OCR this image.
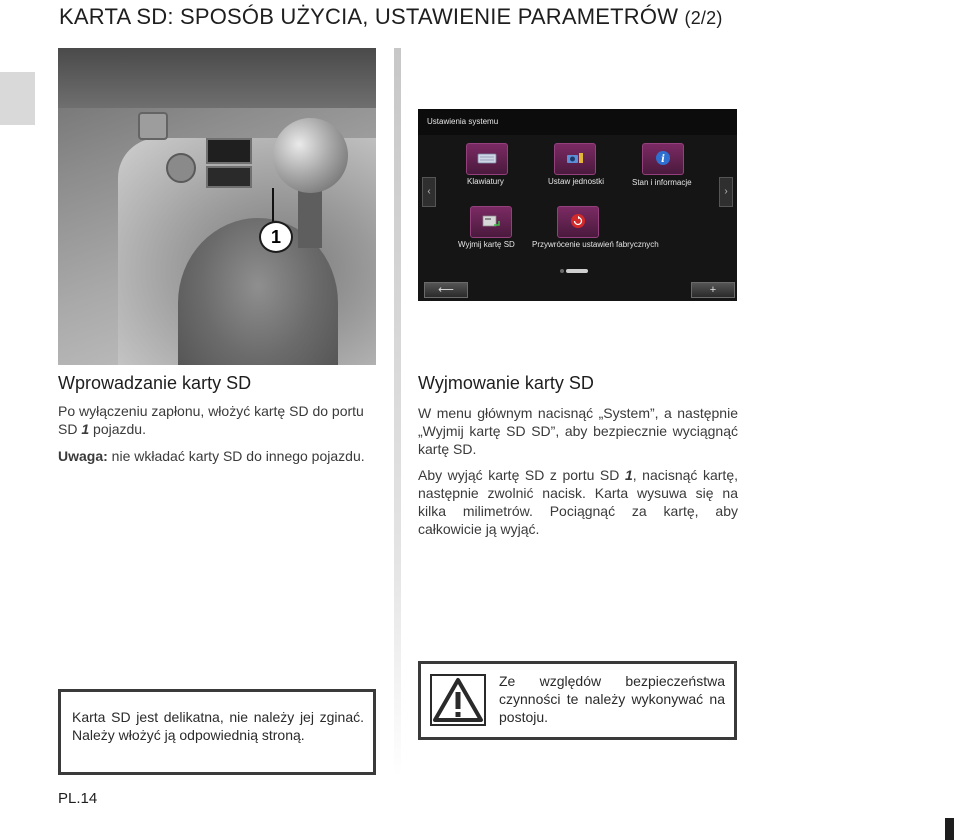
KARTA SD: SPOSÓB UŻYCIA, USTAWIENIE PARAMETRÓW (2/2)
1
Ustawienia systemu
‹	›
Klawiatury	Ustaw jednostki
i
Stan i informacje
Wyjmij kartę SD Przywrócenie ustawień fabrycznych
⟵	+
Wprowadzanie karty SD

Po wyłączeniu zapłonu, włożyć kartę SD do portu SD 1 pojazdu.

Uwaga: nie wkładać karty SD do innego pojazdu.

Karta SD jest delikatna, nie należy jej zginać. Należy włożyć ją odpowiednią stroną.

Wyjmowanie karty SD

W menu głównym nacisnąć „System”, a następnie „Wyjmij kartę SD SD”, aby bezpiecznie wyciągnąć kartę SD.

Aby wyjąć kartę SD z portu SD 1, nacisnąć kartę, następnie zwolnić nacisk. Karta wysuwa się na kilka milimetrów. Pociągnąć za kartę, aby całkowicie ją wyjąć.

Ze względów bezpieczeństwa czynności te należy wykonywać na postoju.

PL.14
